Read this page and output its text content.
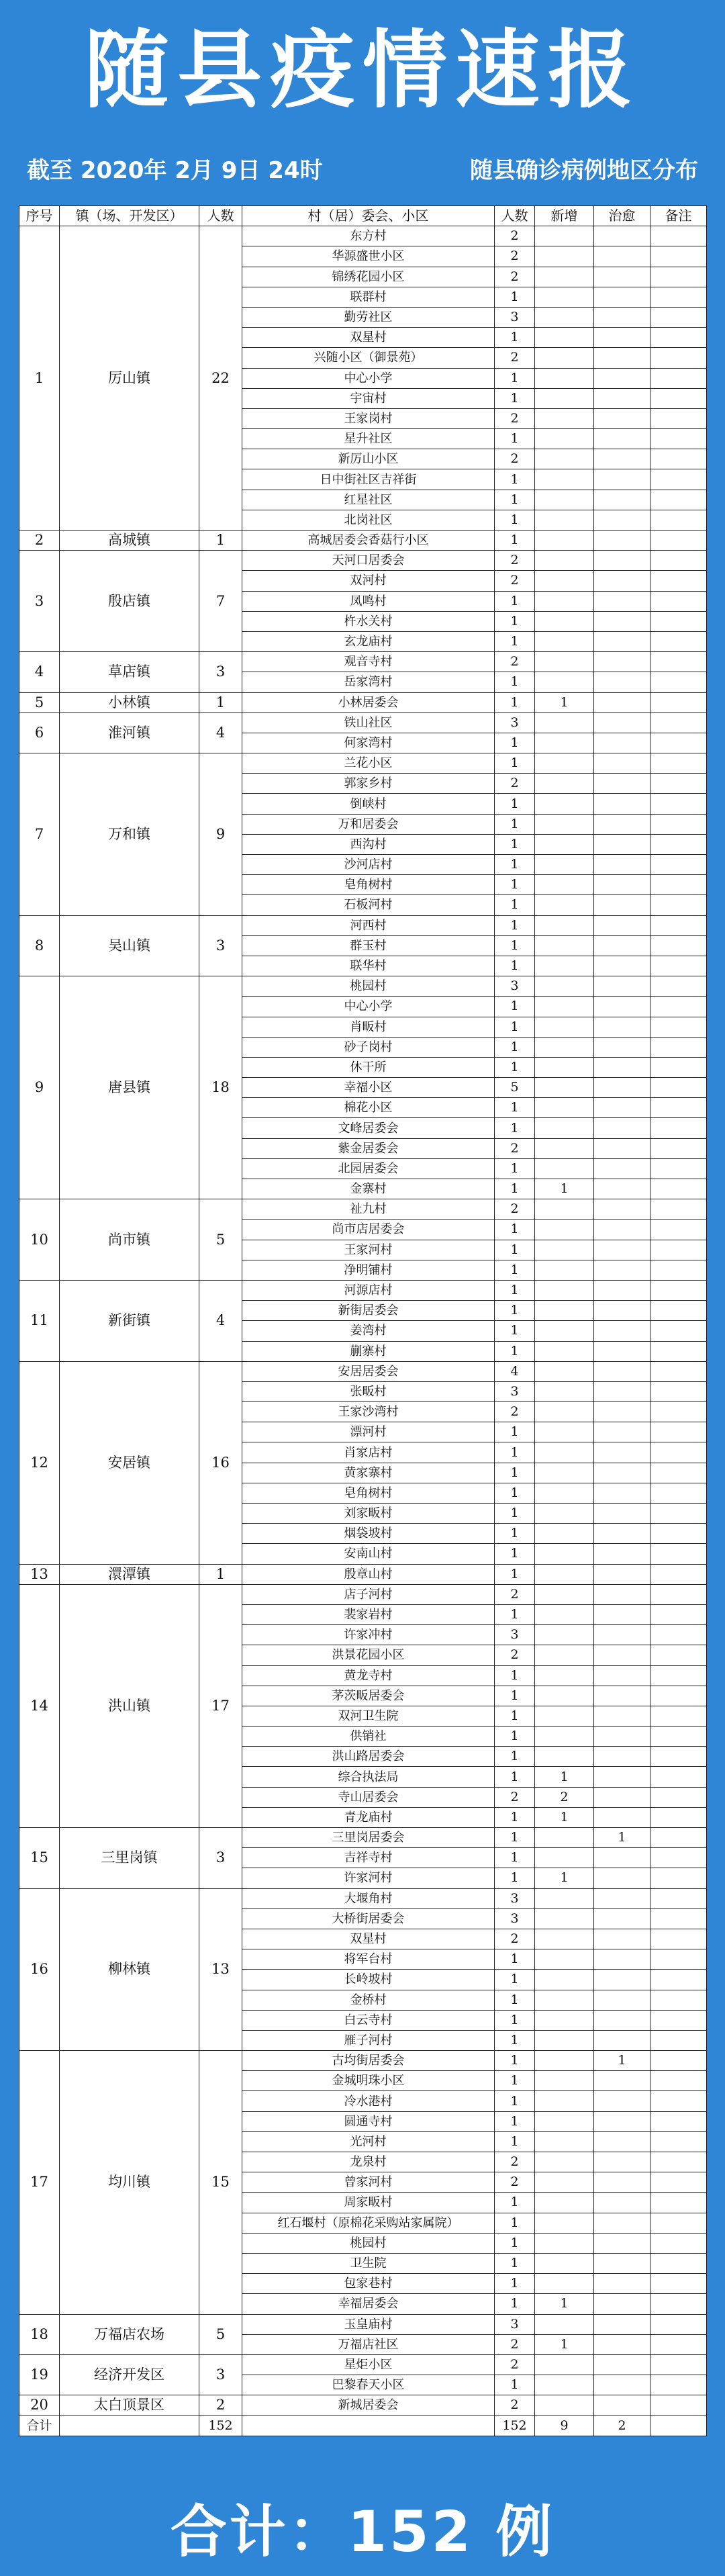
随县疫情速报
截至 2020年 2月 9日 24时	随县确诊病例地区分布
序号	镇（场、开发区）	人数	村（居）委会、小区	人数	新增	治愈	备注
1	厉山镇	22	东方村	2			
			华源盛世小区	2			
			锦绣花园小区	2			
			联群村	1			
			勤劳社区	3			
			双星村	1			
			兴随小区（御景苑）	2			
			中心小学	1			
			宇宙村	1			
			王家岗村	2			
			星升社区	1			
			新厉山小区	2			
			日中街社区吉祥街	1			
			红星社区	1			
			北岗社区	1			
2	高城镇	1	高城居委会香菇行小区	1			
3	殷店镇	7	天河口居委会	2			
			双河村	2			
			凤鸣村	1			
			杵水关村	1			
			玄龙庙村	1			
4	草店镇	3	观音寺村	2			
			岳家湾村	1			
5	小林镇	1	小林居委会	1	1		
6	淮河镇	4	铁山社区	3			
			何家湾村	1			
7	万和镇	9	兰花小区	1			
			郭家乡村	2			
			倒峡村	1			
			万和居委会	1			
			西沟村	1			
			沙河店村	1			
			皂角树村	1			
			石板河村	1			
8	吴山镇	3	河西村	1			
			群玉村	1			
			联华村	1			
9	唐县镇	18	桃园村	3			
			中心小学	1			
			肖畈村	1			
			砂子岗村	1			
			休干所	1			
			幸福小区	5			
			棉花小区	1			
			文峰居委会	1			
			紫金居委会	2			
			北园居委会	1			
			金寨村	1	1		
10	尚市镇	5	祉九村	2			
			尚市店居委会	1			
			王家河村	1			
			净明铺村	1			
11	新街镇	4	河源店村	1			
			新街居委会	1			
			姜湾村	1			
			蒯寨村	1			
12	安居镇	16	安居居委会	4			
			张畈村	3			
			王家沙湾村	2			
			漂河村	1			
			肖家店村	1			
			黄家寨村	1			
			皂角树村	1			
			刘家畈村	1			
			烟袋坡村	1			
			安南山村	1			
13	澴潭镇	1	殷章山村	1			
14	洪山镇	17	店子河村	2			
			裴家岩村	1			
			许家冲村	3			
			洪景花园小区	2			
			黄龙寺村	1			
			茅茨畈居委会	1			
			双河卫生院	1			
			供销社	1			
			洪山路居委会	1			
			综合执法局	1	1		
			寺山居委会	2	2		
			青龙庙村	1	1		
15	三里岗镇	3	三里岗居委会	1		1	
			吉祥寺村	1			
			许家河村	1	1		
16	柳林镇	13	大堰角村	3			
			大桥街居委会	3			
			双星村	2			
			将军台村	1			
			长岭坡村	1			
			金桥村	1			
			白云寺村	1			
			雁子河村	1			
17	均川镇	15	古均街居委会	1		1	
			金城明珠小区	1			
			冷水港村	1			
			圆通寺村	1			
			光河村	1			
			龙泉村	2			
			曾家河村	2			
			周家畈村	1			
			红石堰村（原棉花采购站家属院）	1			
			桃园村	1			
			卫生院	1			
			包家巷村	1			
			幸福居委会	1	1		
18	万福店农场	5	玉皇庙村	3			
			万福店社区	2	1		
19	经济开发区	3	星炬小区	2			
			巴黎春天小区	1			
20	太白顶景区	2	新城居委会	2			
合计		152		152	9	2	
合计：152 例
